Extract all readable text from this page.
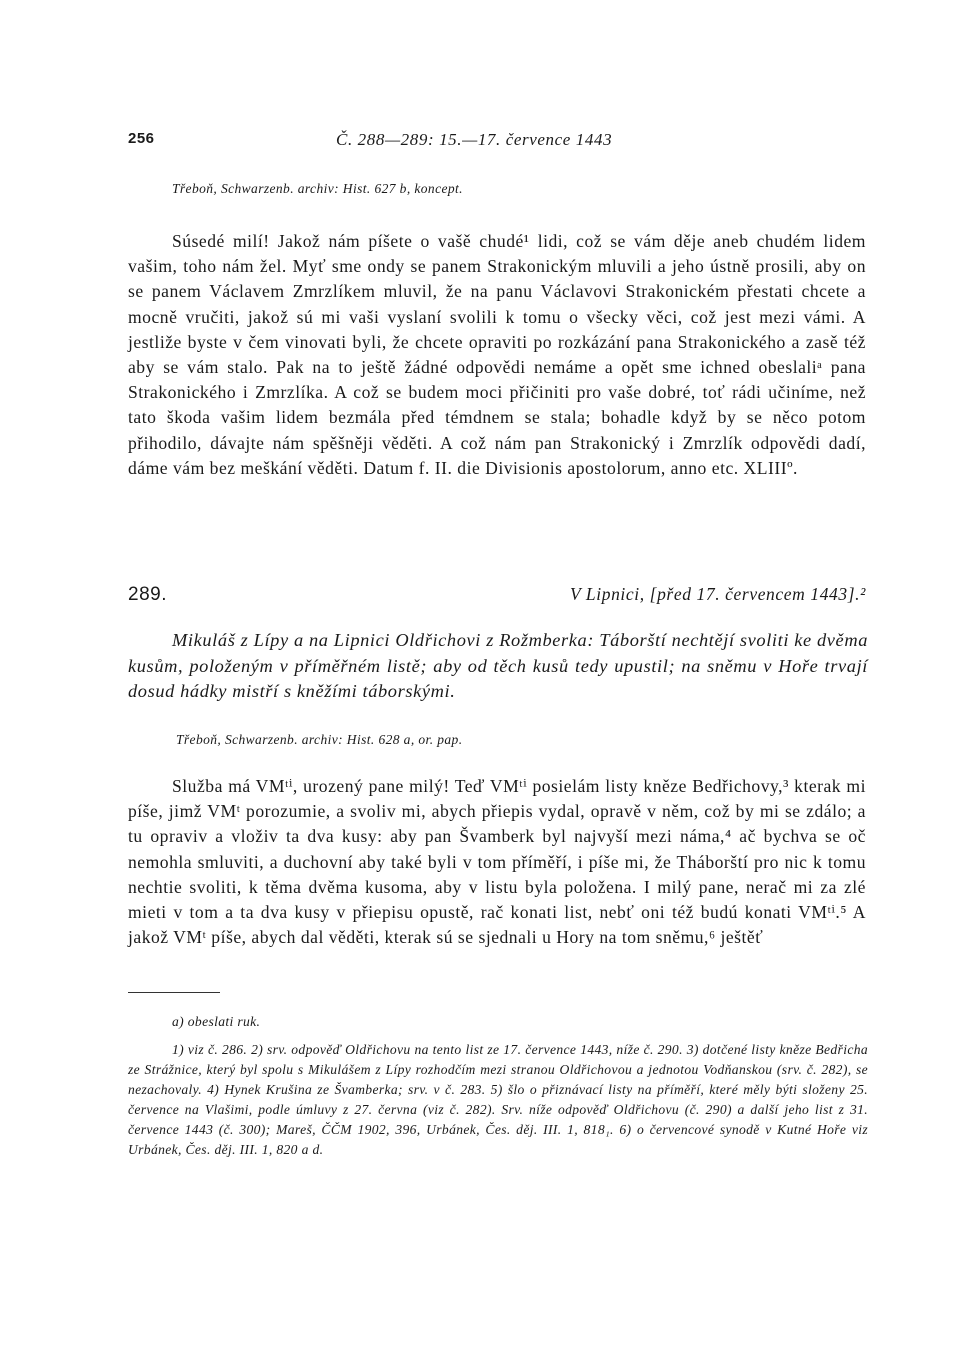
256	Č. 288—289: 15.—17. července 1443
Třeboň, Schwarzenb. archiv: Hist. 627 b, koncept.

Súsedé milí! Jakož nám píšete o vašě chudé¹ lidi, což se vám děje aneb chudém lidem vašim, toho nám žel. Myť sme ondy se panem Strakonickým mluvili a jeho ústně prosili, aby on se panem Václavem Zmrzlíkem mluvil, že na panu Václavovi Strakonickém přestati chcete a mocně vručiti, jakož sú mi vaši vyslaní svolili k tomu o všecky věci, což jest mezi vámi. A jestliže byste v čem vinovati byli, že chcete opraviti po rozkázání pana Strakonického a zasě též aby se vám stalo. Pak na to ještě žádné odpovědi nemáme a opět sme ichned obeslaliᵃ pana Strakonického i Zmrzlíka. A což se budem moci přičiniti pro vaše dobré, toť rádi učiníme, než tato škoda vašim lidem bezmála před témdnem se stala; bohadle když by se něco potom přihodilo, dávajte nám spěšněji věděti. A což nám pan Strakonický i Zmrzlík odpovědi dadí, dáme vám bez meškání věděti. Datum f. II. die Divisionis apostolorum, anno etc. XLIIIº.

289.	V Lipnici, [před 17. červencem 1443].²

Mikuláš z Lípy a na Lipnici Oldřichovi z Rožmberka: Táborští nechtějí svoliti ke dvěma kusům, položeným v příměřném listě; aby od těch kusů tedy upustil; na sněmu v Hoře trvají dosud hádky mistří s kněžími táborskými.

Třeboň, Schwarzenb. archiv: Hist. 628 a, or. pap.

Služba má VMᵗⁱ, urozený pane milý! Teď VMᵗⁱ posielám listy kněze Bedřichovy,³ kterak mi píše, jimž VMᵗ porozumie, a svoliv mi, abych přiepis vydal, opravě v něm, což by mi se zdálo; a tu opraviv a vloživ ta dva kusy: aby pan Švamberk byl najvyší mezi náma,⁴ ač bychva se oč nemohla smluviti, a duchovní aby také byli v tom příměří, i píše mi, že Tháborští pro nic k tomu nechtie svoliti, k těma dvěma kusoma, aby v listu byla položena. I milý pane, nerač mi za zlé mieti v tom a ta dva kusy v přiepisu opustě, rač konati list, nebť oni též budú konati VMᵗⁱ.⁵ A jakož VMᵗ píše, abych dal věděti, kterak sú se sjednali u Hory na tom sněmu,⁶ ještěť

a) obeslati ruk.

1) viz č. 286. 2) srv. odpověď Oldřichovu na tento list ze 17. července 1443, níže č. 290. 3) dotčené listy kněze Bedřicha ze Strážnice, který byl spolu s Mikulášem z Lípy rozhodčím mezi stranou Oldřichovou a jednotou Vodňanskou (srv. č. 282), se nezachovaly. 4) Hynek Krušina ze Švamberka; srv. v č. 283. 5) šlo o přiznávací listy na příměří, které měly býti složeny 25. července na Vlašimi, podle úmluvy z 27. června (viz č. 282). Srv. níže odpověď Oldřichovu (č. 290) a další jeho list z 31. července 1443 (č. 300); Mareš, ČČM 1902, 396, Urbánek, Čes. děj. III. 1, 818₁. 6) o červencové synodě v Kutné Hoře viz Urbánek, Čes. děj. III. 1, 820 a d.
